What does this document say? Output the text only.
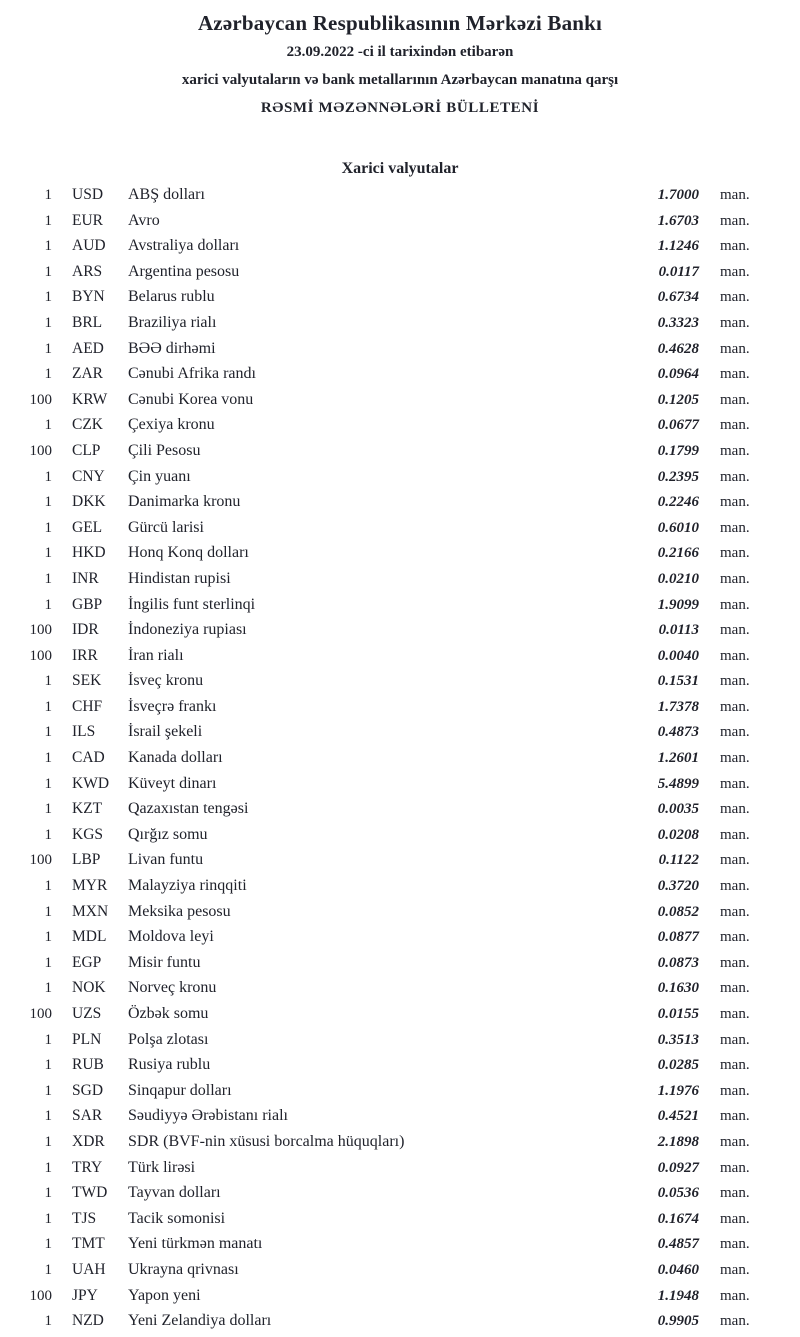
Azərbaycan Respublikasının Mərkəzi Bankı
23.09.2022 -ci il tarixindən etibarən
xarici valyutaların və bank metallarının Azərbaycan manatına qarşı
RƏSMİ MƏZƏNNƏLƏRİ BÜLLETENİ
Xarici valyutalar
1 USD	ABŞ dolları	1.7000 man.
1 EUR	Avro	1.6703 man.
1 AUD	Avstraliya dolları	1.1246 man.
1 ARS	Argentina pesosu	0.0117 man.
1 BYN	Belarus rublu	0.6734 man.
1 BRL	Braziliya rialı	0.3323 man.
1 AED	BƏƏ dirhəmi	0.4628 man.
1 ZAR	Cənubi Afrika randı	0.0964 man.
100 KRW	Cənubi Korea vonu	0.1205 man.
1 CZK	Çexiya kronu	0.0677 man.
100 CLP	Çili Pesosu	0.1799 man.
1 CNY	Çin yuanı	0.2395 man.
1 DKK	Danimarka kronu	0.2246 man.
1 GEL	Gürcü larisi	0.6010 man.
1 HKD	Honq Konq dolları	0.2166 man.
1 INR	Hindistan rupisi	0.0210 man.
1 GBP	İngilis funt sterlinqi	1.9099 man.
100 IDR	İndoneziya rupiası	0.0113 man.
100 IRR	İran rialı	0.0040 man.
1 SEK	İsveç kronu	0.1531 man.
1 CHF	İsveçrə frankı	1.7378 man.
1 ILS	İsrail şekeli	0.4873 man.
1 CAD	Kanada dolları	1.2601 man.
1 KWD	Küveyt dinarı	5.4899 man.
1 KZT	Qazaxıstan tengəsi	0.0035 man.
1 KGS	Qırğız somu	0.0208 man.
100 LBP	Livan funtu	0.1122 man.
1 MYR	Malayziya rinqqiti	0.3720 man.
1 MXN	Meksika pesosu	0.0852 man.
1 MDL	Moldova leyi	0.0877 man.
1 EGP	Misir funtu	0.0873 man.
1 NOK	Norveç kronu	0.1630 man.
100 UZS	Özbək somu	0.0155 man.
1 PLN	Polşa zlotası	0.3513 man.
1 RUB	Rusiya rublu	0.0285 man.
1 SGD	Sinqapur dolları	1.1976 man.
1 SAR	Səudiyyə Ərəbistanı rialı	0.4521 man.
1 XDR	SDR (BVF-nin xüsusi borcalma hüquqları)	2.1898 man.
1 TRY	Türk lirəsi	0.0927 man.
1 TWD	Tayvan dolları	0.0536 man.
1 TJS	Tacik somonisi	0.1674 man.
1 TMT	Yeni türkmən manatı	0.4857 man.
1 UAH	Ukrayna qrivnası	0.0460 man.
100 JPY	Yapon yeni	1.1948 man.
1 NZD	Yeni Zelandiya dolları	0.9905 man.
